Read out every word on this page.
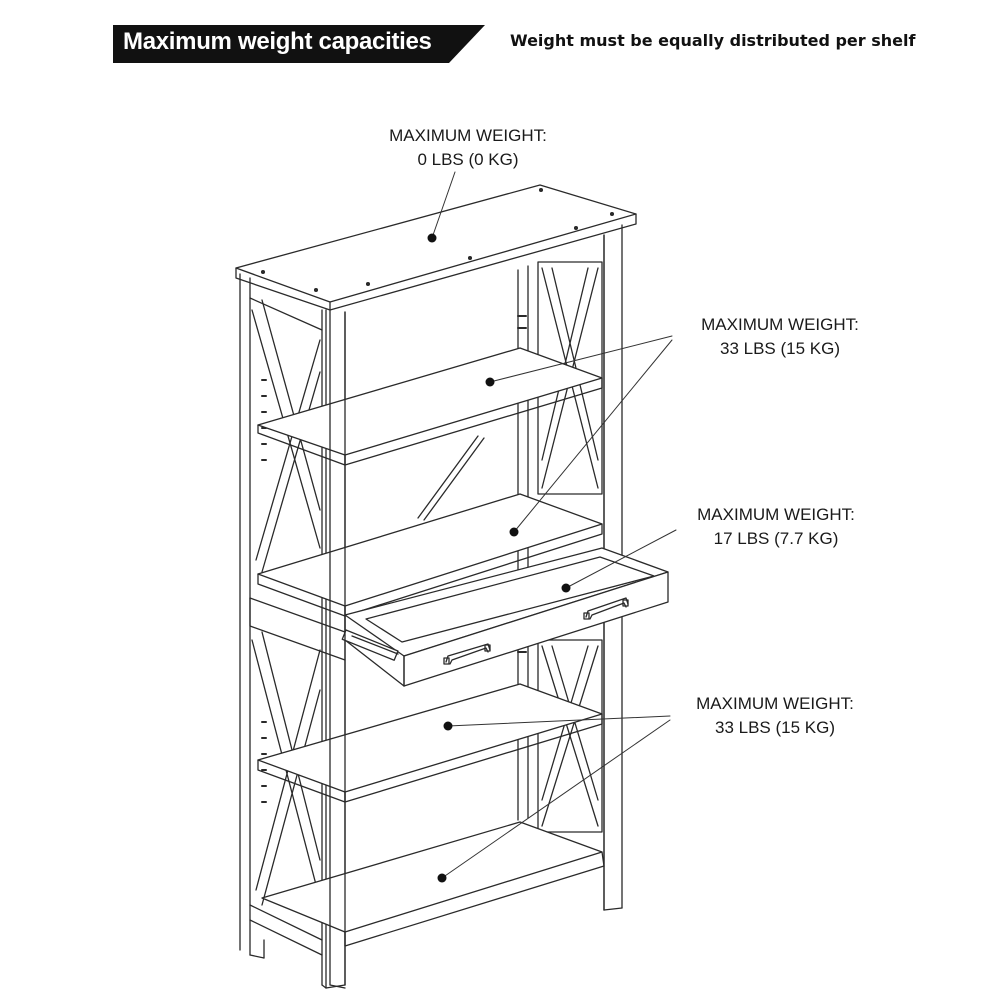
Maximum weight capacities	Weight must be equally distributed per shelf
MAXIMUM WEIGHT:
0 LBS (0 KG)
MAXIMUM WEIGHT:
33 LBS (15 KG)
MAXIMUM WEIGHT:
17 LBS (7.7 KG)
MAXIMUM WEIGHT:
33 LBS (15 KG)
